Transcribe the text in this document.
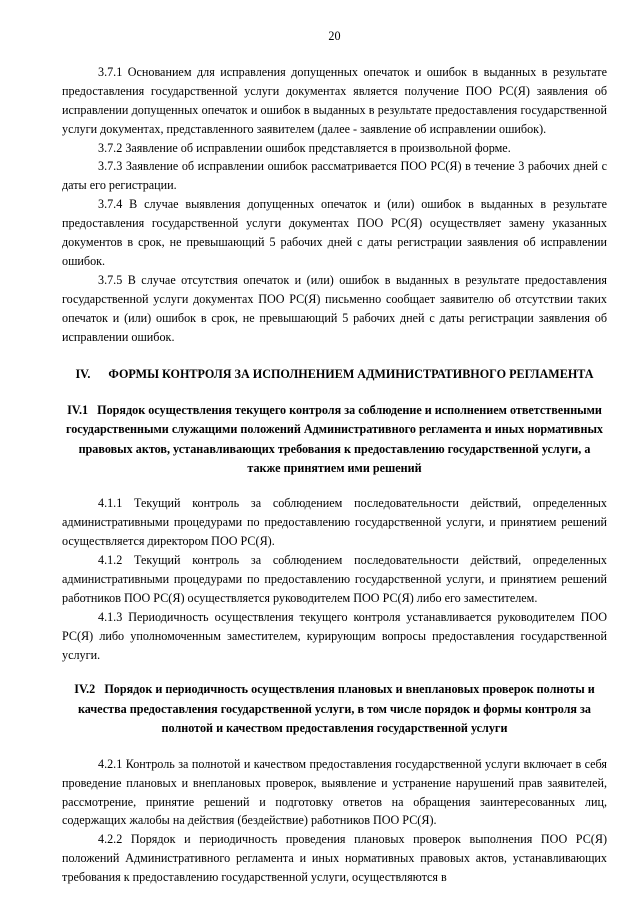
20

3.7.1 Основанием для исправления допущенных опечаток и ошибок в выданных в результате предоставления государственной услуги документах является получение ПОО РС(Я) заявления об исправлении допущенных опечаток и ошибок в выданных в результате предоставления государственной услуги документах, представленного заявителем (далее - заявление об исправлении ошибок).

3.7.2 Заявление об исправлении ошибок представляется в произвольной форме.

3.7.3 Заявление об исправлении ошибок рассматривается ПОО РС(Я) в течение 3 рабочих дней с даты его регистрации.

3.7.4 В случае выявления допущенных опечаток и (или) ошибок в выданных в результате предоставления государственной услуги документах ПОО РС(Я) осуществляет замену указанных документов в срок, не превышающий 5 рабочих дней с даты регистрации заявления об исправлении ошибок.

3.7.5 В случае отсутствия опечаток и (или) ошибок в выданных в результате предоставления государственной услуги документах ПОО РС(Я) письменно сообщает заявителю об отсутствии таких опечаток и (или) ошибок в срок, не превышающий 5 рабочих дней с даты регистрации заявления об исправлении ошибок.

IV. ФОРМЫ КОНТРОЛЯ ЗА ИСПОЛНЕНИЕМ АДМИНИСТРАТИВНОГО РЕГЛАМЕНТА
IV.1 Порядок осуществления текущего контроля за соблюдение и исполнением ответственными государственными служащими положений Административного регламента и иных нормативных правовых актов, устанавливающих требования к предоставлению государственной услуги, а также принятием ими решений

4.1.1 Текущий контроль за соблюдением последовательности действий, определенных административными процедурами по предоставлению государственной услуги, и принятием решений осуществляется директором ПОО РС(Я).

4.1.2 Текущий контроль за соблюдением последовательности действий, определенных административными процедурами по предоставлению государственной услуги, и принятием решений работников ПОО РС(Я) осуществляется руководителем ПОО РС(Я) либо его заместителем.

4.1.3 Периодичность осуществления текущего контроля устанавливается руководителем ПОО РС(Я) либо уполномоченным заместителем, курирующим вопросы предоставления государственной услуги.

IV.2 Порядок и периодичность осуществления плановых и внеплановых проверок полноты и качества предоставления государственной услуги, в том числе порядок и формы контроля за полнотой и качеством предоставления государственной услуги

4.2.1 Контроль за полнотой и качеством предоставления государственной услуги включает в себя проведение плановых и внеплановых проверок, выявление и устранение нарушений прав заявителей, рассмотрение, принятие решений и подготовку ответов на обращения заинтересованных лиц, содержащих жалобы на действия (бездействие) работников ПОО РС(Я).

4.2.2 Порядок и периодичность проведения плановых проверок выполнения ПОО РС(Я) положений Административного регламента и иных нормативных правовых актов, устанавливающих требования к предоставлению государственной услуги, осуществляются в
